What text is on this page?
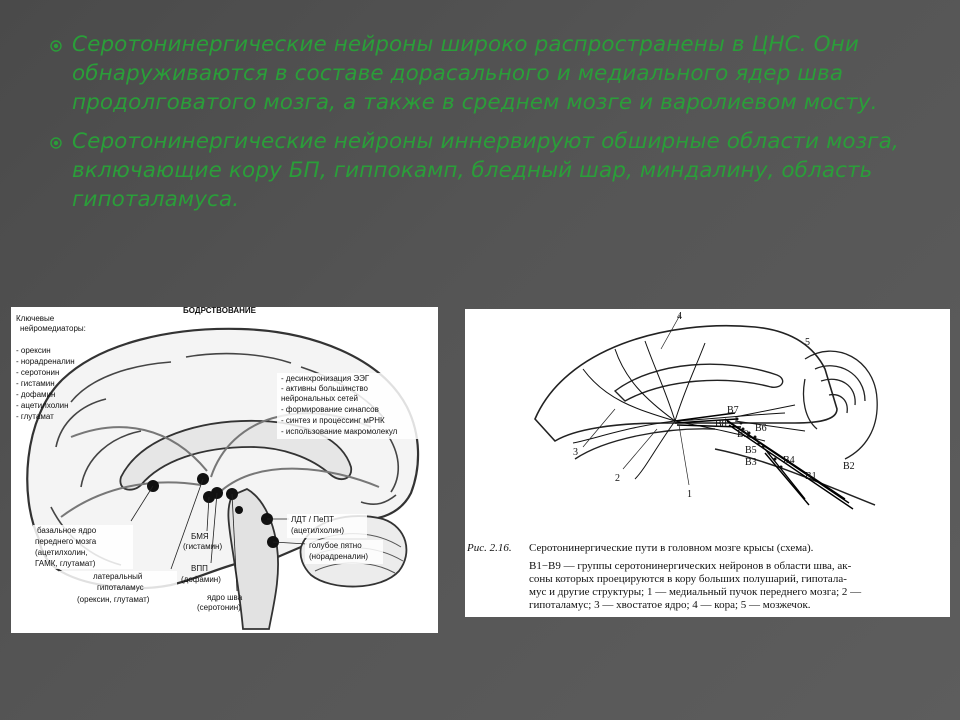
Серотонинергические нейроны широко распространены в ЦНС. Они обнаруживаются в составе дорасального и медиального ядер шва продолговатого мозга, а также в среднем мозге и варолиевом мосту.
Серотонинергические нейроны иннервируют обширные области мозга, включающие кору БП, гиппокамп, бледный шар, миндалину, область гипоталамуса.
БОДРСТВОВАНИЕ
Ключевые
нейромедиаторы:
- орексин
- норадреналин
- серотонин
- гистамин
- дофамин
- ацетилхолин
- глутамат
- десинхронизация ЭЭГ
- активны большинство
нейрональных сетей
- формирование синапсов
- синтез и процессинг мРНК
- использование макромолекул
базальное ядро
переднего мозга
(ацетилхолин,
ГАМК, глутамат)
латеральный
гипоталамус
(орексин, глутамат)
БМЯ
(гистамин)
ВПП
(дофамин)
ядро шва
(серотонин)
ЛДТ / ПеПТ
(ацетилхолин)
голубое пятно
(норадреналин)
4
5
3
2
1
B7
B8	B6
B9
B5
B3	B4
B2
B1
Рис. 2.16. Серотонинергические пути в головном мозге крысы (схема).
B1−B9 — группы серотонинергических нейронов в области шва, ак-
соны которых проецируются в кору больших полушарий, гипотала-
мус и другие структуры; 1 — медиальный пучок переднего мозга; 2 —
гипоталамус; 3 — хвостатое ядро; 4 — кора; 5 — мозжечок.
